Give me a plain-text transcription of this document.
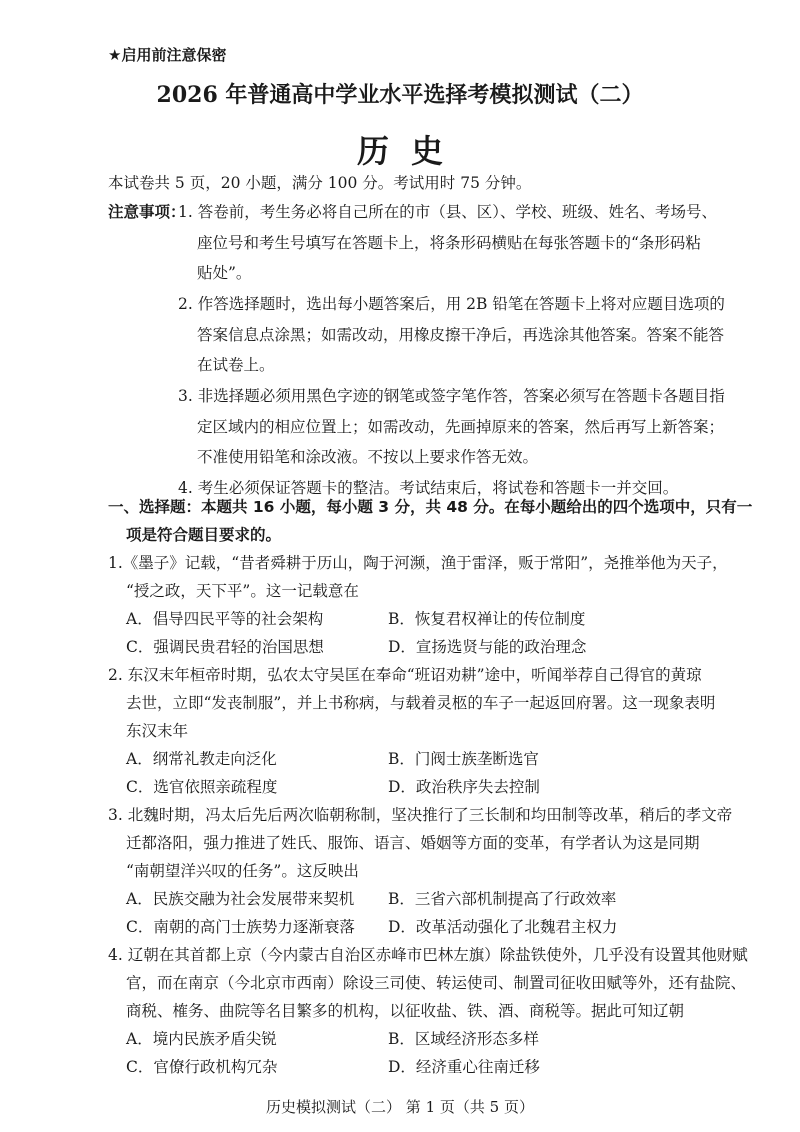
★启用前注意保密
2026 年普通高中学业水平选择考模拟测试（二）
历史
本试卷共 5 页，20 小题，满分 100 分。考试用时 75 分钟。
注意事项：
1. 答卷前，考生务必将自己所在的市（县、区）、学校、班级、姓名、考场号、
座位号和考生号填写在答题卡上，将条形码横贴在每张答题卡的“条形码粘
贴处”。
2. 作答选择题时，选出每小题答案后，用 2B 铅笔在答题卡上将对应题目选项的
答案信息点涂黑；如需改动，用橡皮擦干净后，再选涂其他答案。答案不能答
在试卷上。
3. 非选择题必须用黑色字迹的钢笔或签字笔作答，答案必须写在答题卡各题目指
定区域内的相应位置上；如需改动，先画掉原来的答案，然后再写上新答案；
不准使用铅笔和涂改液。不按以上要求作答无效。
4. 考生必须保证答题卡的整洁。考试结束后，将试卷和答题卡一并交回。
一、选择题：本题共 16 小题，每小题 3 分，共 48 分。在每小题给出的四个选项中，只有一
项是符合题目要求的。
1.《墨子》记载，“昔者舜耕于历山，陶于河濒，渔于雷泽，贩于常阳”，尧推举他为天子，
“授之政，天下平”。这一记载意在
A．倡导四民平等的社会架构	B．恢复君权禅让的传位制度
C．强调民贵君轻的治国思想	D．宣扬选贤与能的政治理念
2. 东汉末年桓帝时期，弘农太守吴匡在奉命“班诏劝耕”途中，听闻举荐自己得官的黄琼
去世，立即“发丧制服”，并上书称病，与载着灵柩的车子一起返回府署。这一现象表明
东汉末年
A．纲常礼教走向泛化	B．门阀士族垄断选官
C．选官依照亲疏程度	D．政治秩序失去控制
3. 北魏时期，冯太后先后两次临朝称制，坚决推行了三长制和均田制等改革，稍后的孝文帝
迁都洛阳，强力推进了姓氏、服饰、语言、婚姻等方面的变革，有学者认为这是同期
“南朝望洋兴叹的任务”。这反映出
A．民族交融为社会发展带来契机 B．三省六部机制提高了行政效率
C．南朝的高门士族势力逐渐衰落 D．改革活动强化了北魏君主权力
4. 辽朝在其首都上京（今内蒙古自治区赤峰市巴林左旗）除盐铁使外，几乎没有设置其他财赋
官，而在南京（今北京市西南）除设三司使、转运使司、制置司征收田赋等外，还有盐院、
商税、榷务、曲院等名目繁多的机构，以征收盐、铁、酒、商税等。据此可知辽朝
历史模拟测试（二） 第 1 页（共 5 页）
A．境内民族矛盾尖锐	B．区域经济形态多样
C．官僚行政机构冗杂	D．经济重心往南迁移
